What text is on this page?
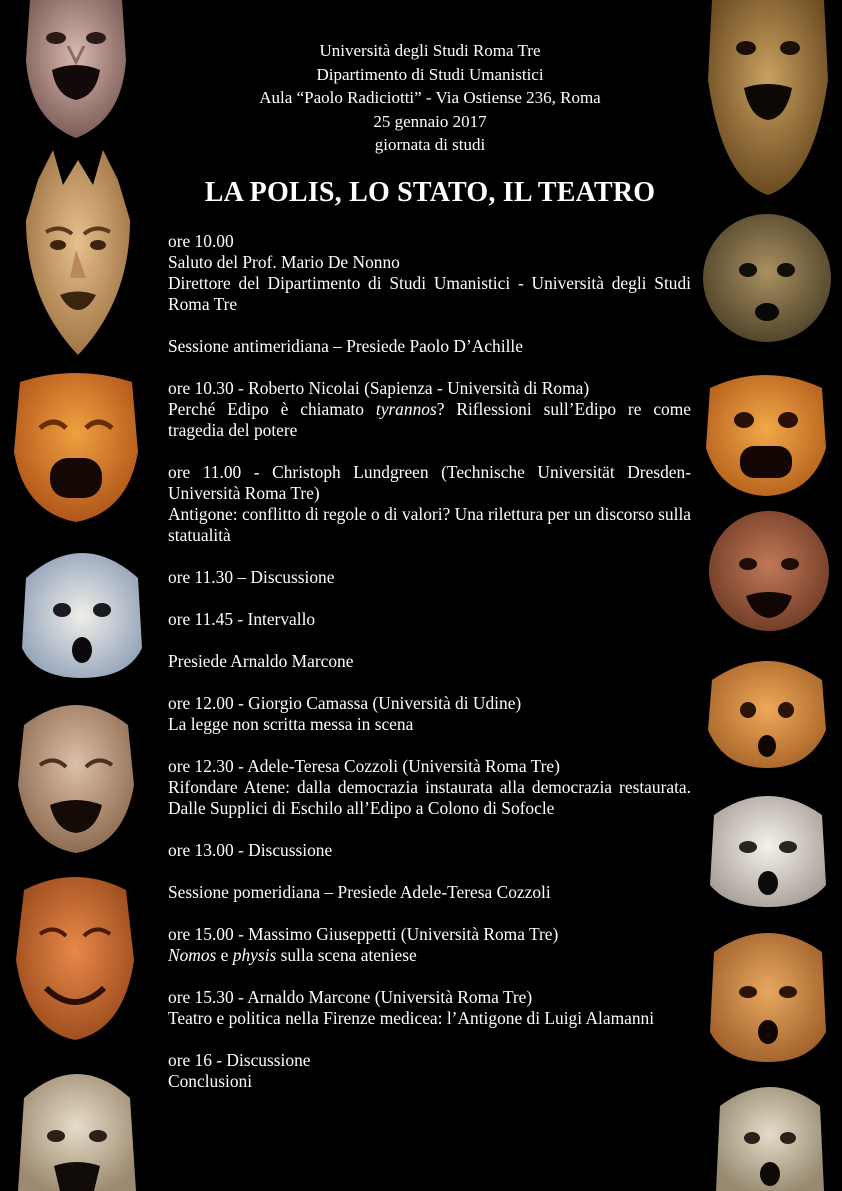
Università degli Studi Roma Tre
Dipartimento di Studi Umanistici
Aula “Paolo Radiciotti” - Via Ostiense 236, Roma
25 gennaio 2017
giornata di studi
LA POLIS, LO STATO, IL TEATRO
ore 10.00
Saluto del Prof. Mario De Nonno
Direttore del Dipartimento di Studi Umanistici - Università degli Studi Roma Tre
Sessione antimeridiana – Presiede Paolo D’Achille
ore 10.30 - Roberto Nicolai (Sapienza - Università di Roma)
Perché Edipo è chiamato tyrannos? Riflessioni sull’Edipo re come tragedia del potere
ore 11.00 - Christoph Lundgreen (Technische Universität Dresden-Università Roma Tre)
Antigone: conflitto di regole o di valori? Una rilettura per un discorso sulla statualità
ore 11.30 – Discussione
ore 11.45 - Intervallo
Presiede Arnaldo Marcone
ore 12.00 - Giorgio Camassa (Università di Udine)
La legge non scritta messa in scena
ore 12.30 - Adele-Teresa Cozzoli (Università Roma Tre)
Rifondare Atene: dalla democrazia instaurata alla democrazia restaurata. Dalle Supplici di Eschilo all’Edipo a Colono di Sofocle
ore 13.00 - Discussione
Sessione pomeridiana – Presiede Adele-Teresa Cozzoli
ore 15.00 - Massimo Giuseppetti (Università Roma Tre)
Nomos e physis sulla scena ateniese
ore 15.30 - Arnaldo Marcone (Università Roma Tre)
Teatro e politica nella Firenze medicea: l’Antigone di Luigi Alamanni
ore 16 - Discussione
Conclusioni
